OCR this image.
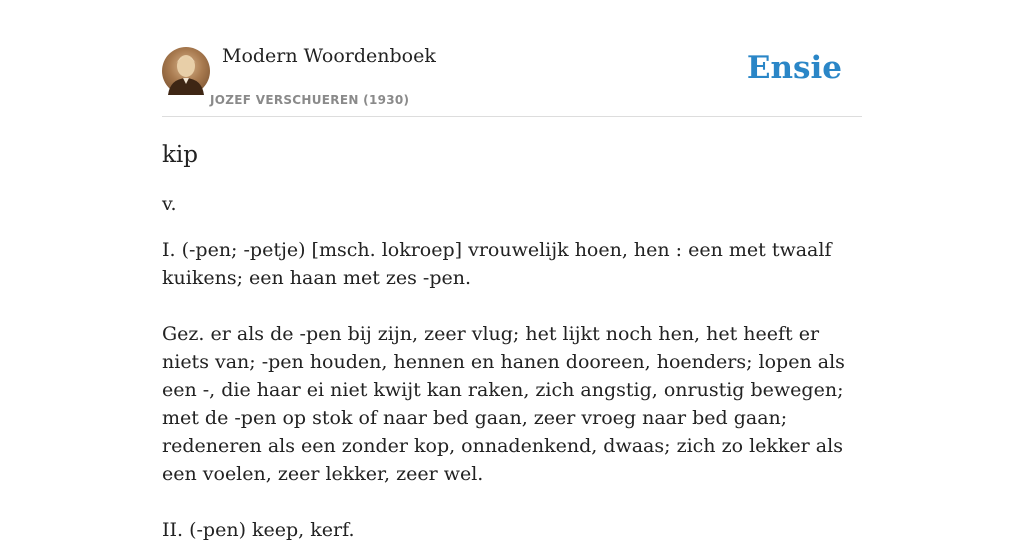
Modern Woordenboek
JOZEF VERSCHUEREN (1930)
Ensie
kip

v.

I. (-pen; -petje) [msch. lokroep] vrouwelijk hoen, hen : een met twaalf kuikens; een haan met zes -pen.

Gez. er als de -pen bij zijn, zeer vlug; het lijkt noch hen, het heeft er niets van; -pen houden, hennen en hanen dooreen, hoenders; lopen als een -, die haar ei niet kwijt kan raken, zich angstig, onrustig bewegen; met de -pen op stok of naar bed gaan, zeer vroeg naar bed gaan; redeneren als een zonder kop, onnadenkend, dwaas; zich zo lekker als een voelen, zeer lekker, zeer wel.

II. (-pen) keep, kerf.
